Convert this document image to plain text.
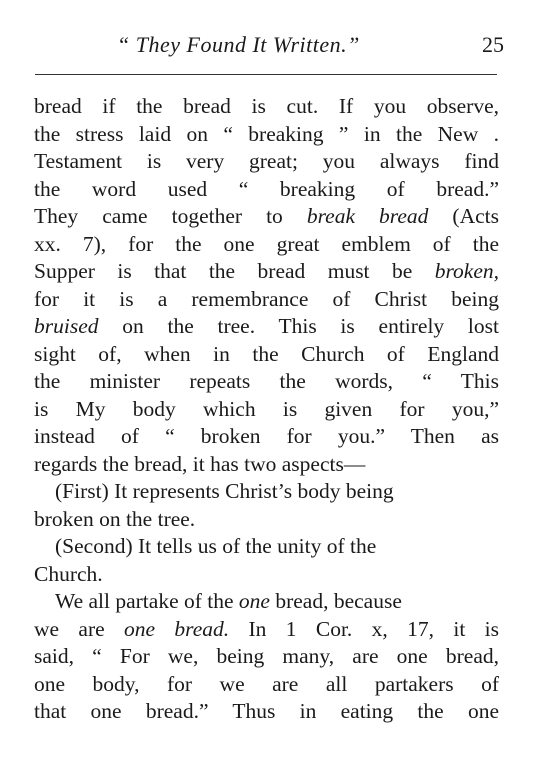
“ They Found It Written.”	25
bread if the bread is cut. If you observe,
the stress laid on “ breaking ” in the New .
Testament is very great; you always find
the word used “ breaking of bread.”
They came together to break bread (Acts
xx. 7), for the one great emblem of the
Supper is that the bread must be broken,
for it is a remembrance of Christ being
bruised on the tree. This is entirely lost
sight of, when in the Church of England
the minister repeats the words, “ This
is My body which is given for you,”
instead of “ broken for you.” Then as
regards the bread, it has two aspects—
(First) It represents Christ’s body being
broken on the tree.
(Second) It tells us of the unity of the
Church.
We all partake of the one bread, because
we are one bread. In 1 Cor. x, 17, it is
said, “ For we, being many, are one bread,
one body, for we are all partakers of
that one bread.” Thus in eating the one
